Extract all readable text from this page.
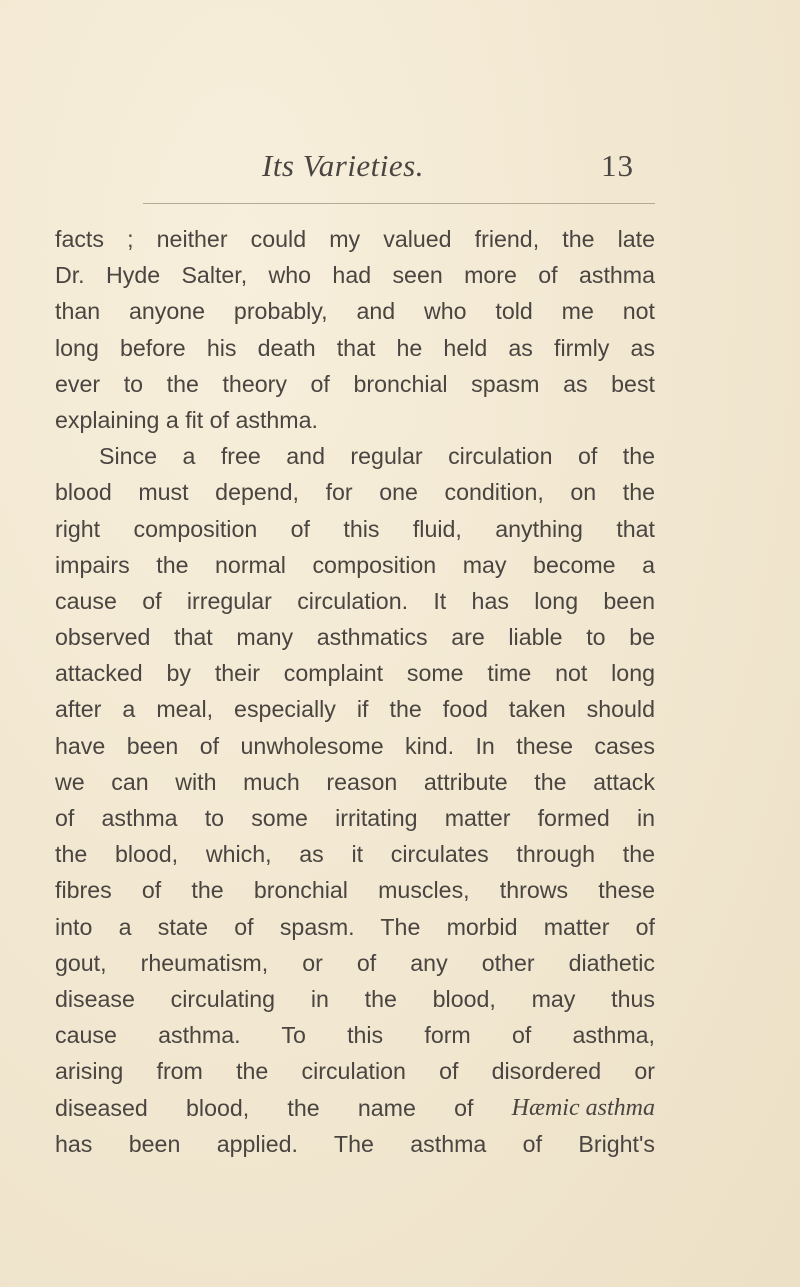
Its Varieties.	13
facts ; neither could my valued friend, the late
Dr. Hyde Salter, who had seen more of asthma
than anyone probably, and who told me not
long before his death that he held as firmly as
ever to the theory of bronchial spasm as best
explaining a fit of asthma.
Since a free and regular circulation of the
blood must depend, for one condition, on the
right composition of this fluid, anything that
impairs the normal composition may become a
cause of irregular circulation. It has long been
observed that many asthmatics are liable to be
attacked by their complaint some time not long
after a meal, especially if the food taken should
have been of unwholesome kind. In these cases
we can with much reason attribute the attack
of asthma to some irritating matter formed in
the blood, which, as it circulates through the
fibres of the bronchial muscles, throws these
into a state of spasm. The morbid matter of
gout, rheumatism, or of any other diathetic
disease circulating in the blood, may thus
cause asthma. To this form of asthma,
arising from the circulation of disordered or
diseased blood, the name of Hæmic asthma
has been applied. The asthma of Bright's
